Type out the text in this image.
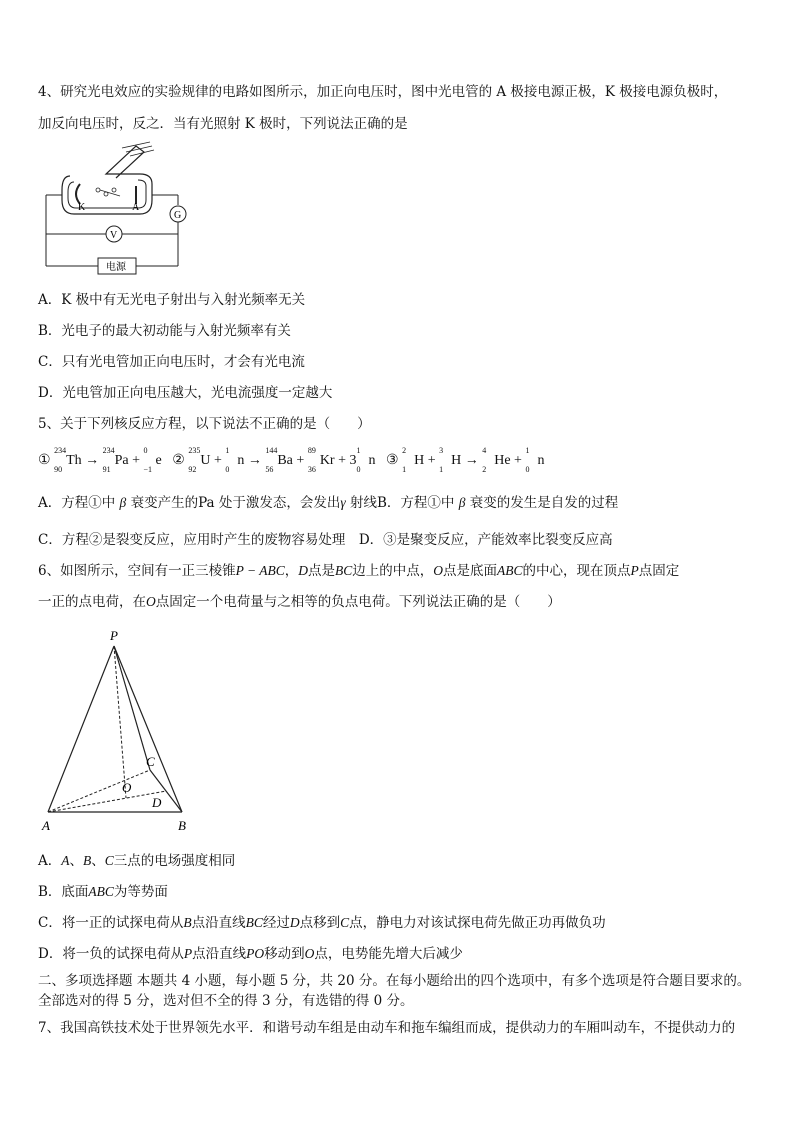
4、研究光电效应的实验规律的电路如图所示，加正向电压时，图中光电管的 A 极接电源正极，K 极接电源负极时，
加反向电压时，反之．当有光照射 K 极时，下列说法正确的是
K	A
G
V
电源
A．K 极中有无光电子射出与入射光频率无关
B．光电子的最大初动能与入射光频率有关
C．只有光电管加正向电压时，才会有光电流
D．光电管加正向电压越大，光电流强度一定越大
5、关于下列核反应方程，以下说法不正确的是（　　）
①
234
90
Th →
234
91
Pa +
0
−1
e ②
235
92
U +
1
0
n →
144
56
Ba +
89
36
Kr + 3
1
0
n ③
2
1
H +
3
1
H →
4
2
He +
1
0
n
A．方程①中 β 衰变产生的Pa 处于激发态，会发出γ 射线B．方程①中 β 衰变的发生是自发的过程
C．方程②是裂变反应，应用时产生的废物容易处理　D．③是聚变反应，产能效率比裂变反应高
6、如图所示，空间有一正三棱锥P − ABC，D点是BC边上的中点，O点是底面ABC的中心，现在顶点P点固定
一正的点电荷，在O点固定一个电荷量与之相等的负点电荷。下列说法正确的是（　　）
P
A	B
C
O
D
A．A、B、C三点的电场强度相同
B．底面ABC为等势面
C．将一正的试探电荷从B点沿直线BC经过D点移到C点，静电力对该试探电荷先做正功再做负功
D．将一负的试探电荷从P点沿直线PO移动到O点，电势能先增大后减少
二、多项选择题 本题共 4 小题，每小题 5 分，共 20 分。在每小题给出的四个选项中，有多个选项是符合题目要求的。
全部选对的得 5 分，选对但不全的得 3 分，有选错的得 0 分。
7、我国高铁技术处于世界领先水平．和谐号动车组是由动车和拖车编组而成，提供动力的车厢叫动车，不提供动力的
